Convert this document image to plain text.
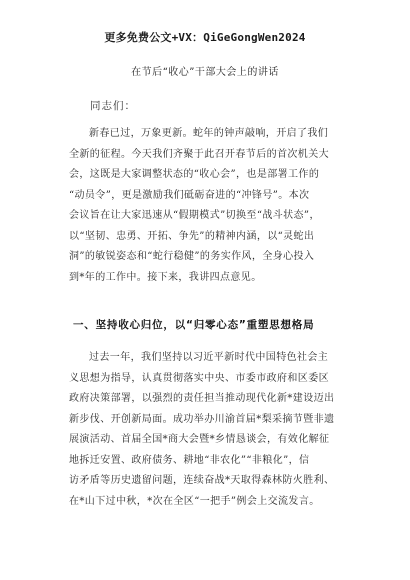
更多免费公文+VX：QiGeGongWen2024
在节后“收心”干部大会上的讲话
同志们：
新春已过，万象更新。蛇年的钟声敲响，开启了我们
全新的征程。今天我们齐聚于此召开春节后的首次机关大
会，这既是大家调整状态的“收心会”，也是部署工作的
“动员令”，更是激励我们砥砺奋进的“冲锋号”。本次
会议旨在让大家迅速从“假期模式”切换至“战斗状态”，
以“坚韧、忠勇、开拓、争先”的精神内涵，以“灵蛇出
洞”的敏锐姿态和“蛇行稳健”的务实作风，全身心投入
到*年的工作中。接下来，我讲四点意见。
一、坚持收心归位，以“归零心态”重塑思想格局
过去一年，我们坚持以习近平新时代中国特色社会主
义思想为指导，认真贯彻落实中央、市委市政府和区委区
政府决策部署，以强烈的责任担当推动现代化新*建设迈出
新步伐、开创新局面。成功举办川渝首届*梨采摘节暨非遗
展演活动、首届全国*商大会暨*乡情恳谈会，有效化解征
地拆迁安置、政府债务、耕地“非农化”“非粮化”，信
访矛盾等历史遗留问题，连续奋战*天取得森林防火胜利、
在*山下过中秋，*次在全区“一把手”例会上交流发言。
